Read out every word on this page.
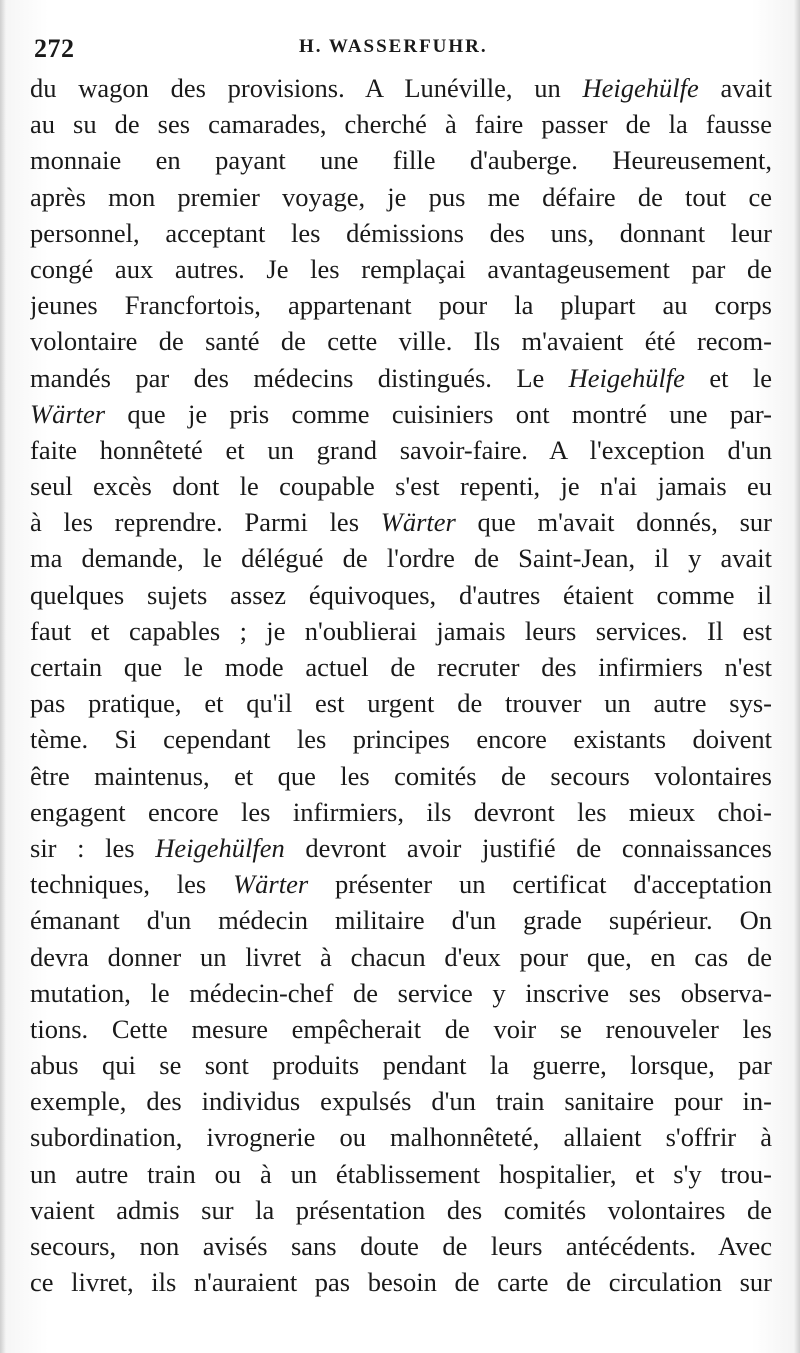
272	H. WASSERFUHR.
du wagon des provisions. A Lunéville, un Heigehülfe avait
au su de ses camarades, cherché à faire passer de la fausse
monnaie en payant une fille d'auberge. Heureusement,
après mon premier voyage, je pus me défaire de tout ce
personnel, acceptant les démissions des uns, donnant leur
congé aux autres. Je les remplaçai avantageusement par de
jeunes Francfortois, appartenant pour la plupart au corps
volontaire de santé de cette ville. Ils m'avaient été recom-
mandés par des médecins distingués. Le Heigehülfe et le
Wärter que je pris comme cuisiniers ont montré une par-
faite honnêteté et un grand savoir-faire. A l'exception d'un
seul excès dont le coupable s'est repenti, je n'ai jamais eu
à les reprendre. Parmi les Wärter que m'avait donnés, sur
ma demande, le délégué de l'ordre de Saint-Jean, il y avait
quelques sujets assez équivoques, d'autres étaient comme il
faut et capables ; je n'oublierai jamais leurs services. Il est
certain que le mode actuel de recruter des infirmiers n'est
pas pratique, et qu'il est urgent de trouver un autre sys-
tème. Si cependant les principes encore existants doivent
être maintenus, et que les comités de secours volontaires
engagent encore les infirmiers, ils devront les mieux choi-
sir : les Heigehülfen devront avoir justifié de connaissances
techniques, les Wärter présenter un certificat d'acceptation
émanant d'un médecin militaire d'un grade supérieur. On
devra donner un livret à chacun d'eux pour que, en cas de
mutation, le médecin-chef de service y inscrive ses observa-
tions. Cette mesure empêcherait de voir se renouveler les
abus qui se sont produits pendant la guerre, lorsque, par
exemple, des individus expulsés d'un train sanitaire pour in-
subordination, ivrognerie ou malhonnêteté, allaient s'offrir à
un autre train ou à un établissement hospitalier, et s'y trou-
vaient admis sur la présentation des comités volontaires de
secours, non avisés sans doute de leurs antécédents. Avec
ce livret, ils n'auraient pas besoin de carte de circulation sur
